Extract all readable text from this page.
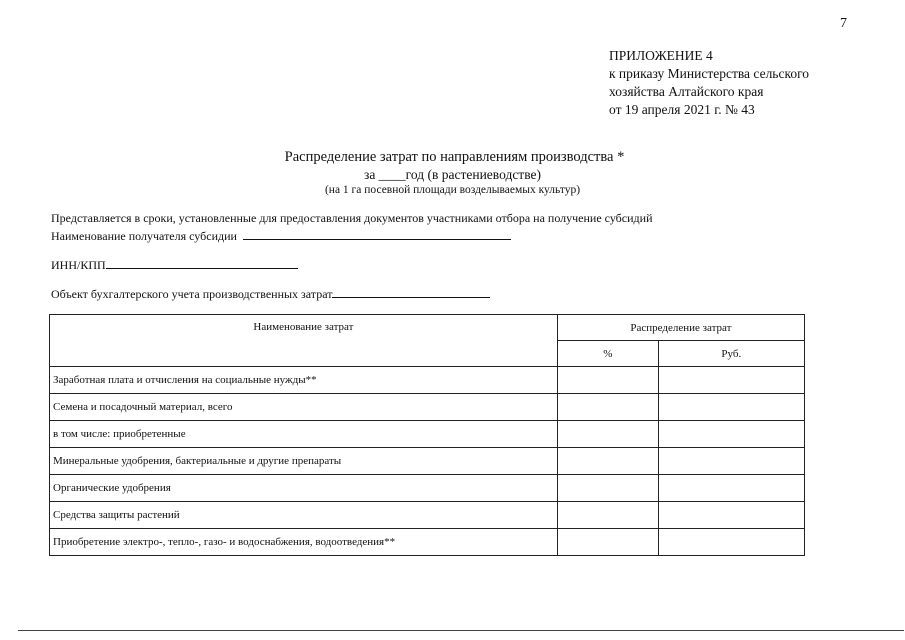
7
ПРИЛОЖЕНИЕ 4
к приказу Министерства сельского
хозяйства Алтайского края
от 19 апреля 2021 г. № 43
Распределение затрат по направлениям производства *
за ____год (в растениеводстве)
(на 1 га посевной площади возделываемых культур)
Представляется в сроки, установленные для предоставления документов участниками отбора на получение субсидий
Наименование получателя субсидии
ИНН/КПП
Объект бухгалтерского учета производственных затрат
Наименование затрат	Распределение затрат	
	%	Руб.
Заработная плата и отчисления на социальные нужды**		
Семена и посадочный материал, всего		
в том числе: приобретенные		
Минеральные удобрения, бактериальные и другие препараты		
Органические удобрения		
Средства защиты растений		
Приобретение электро-, тепло-, газо- и водоснабжения, водоотведения**		
